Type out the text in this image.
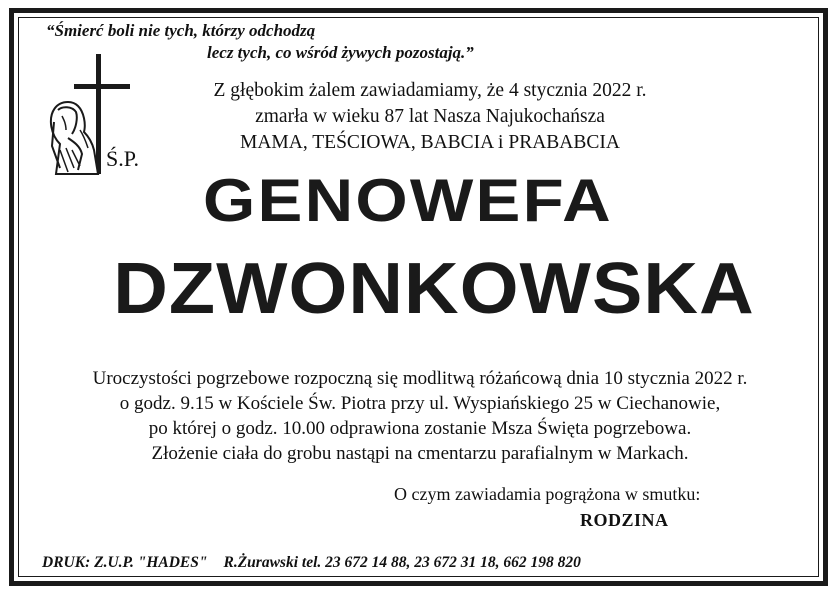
“Śmierć boli nie tych, którzy odchodzą
lecz tych, co wśród żywych pozostają.”
Ś.P.
Z głębokim żalem zawiadamiamy, że 4 stycznia 2022 r.
zmarła w wieku 87 lat Nasza Najukochańsza
MAMA, TEŚCIOWA, BABCIA i PRABABCIA
GENOWEFA
DZWONKOWSKA
Uroczystości pogrzebowe rozpoczną się modlitwą różańcową dnia 10 stycznia 2022 r.
o godz. 9.15 w Kościele Św. Piotra przy ul. Wyspiańskiego 25 w Ciechanowie,
po której o godz. 10.00 odprawiona zostanie Msza Święta pogrzebowa.
Złożenie ciała do grobu nastąpi na cmentarzu parafialnym w Markach.
O czym zawiadamia pogrążona w smutku:
RODZINA
DRUK: Z.U.P. "HADES" R.Żurawski tel. 23 672 14 88, 23 672 31 18, 662 198 820
